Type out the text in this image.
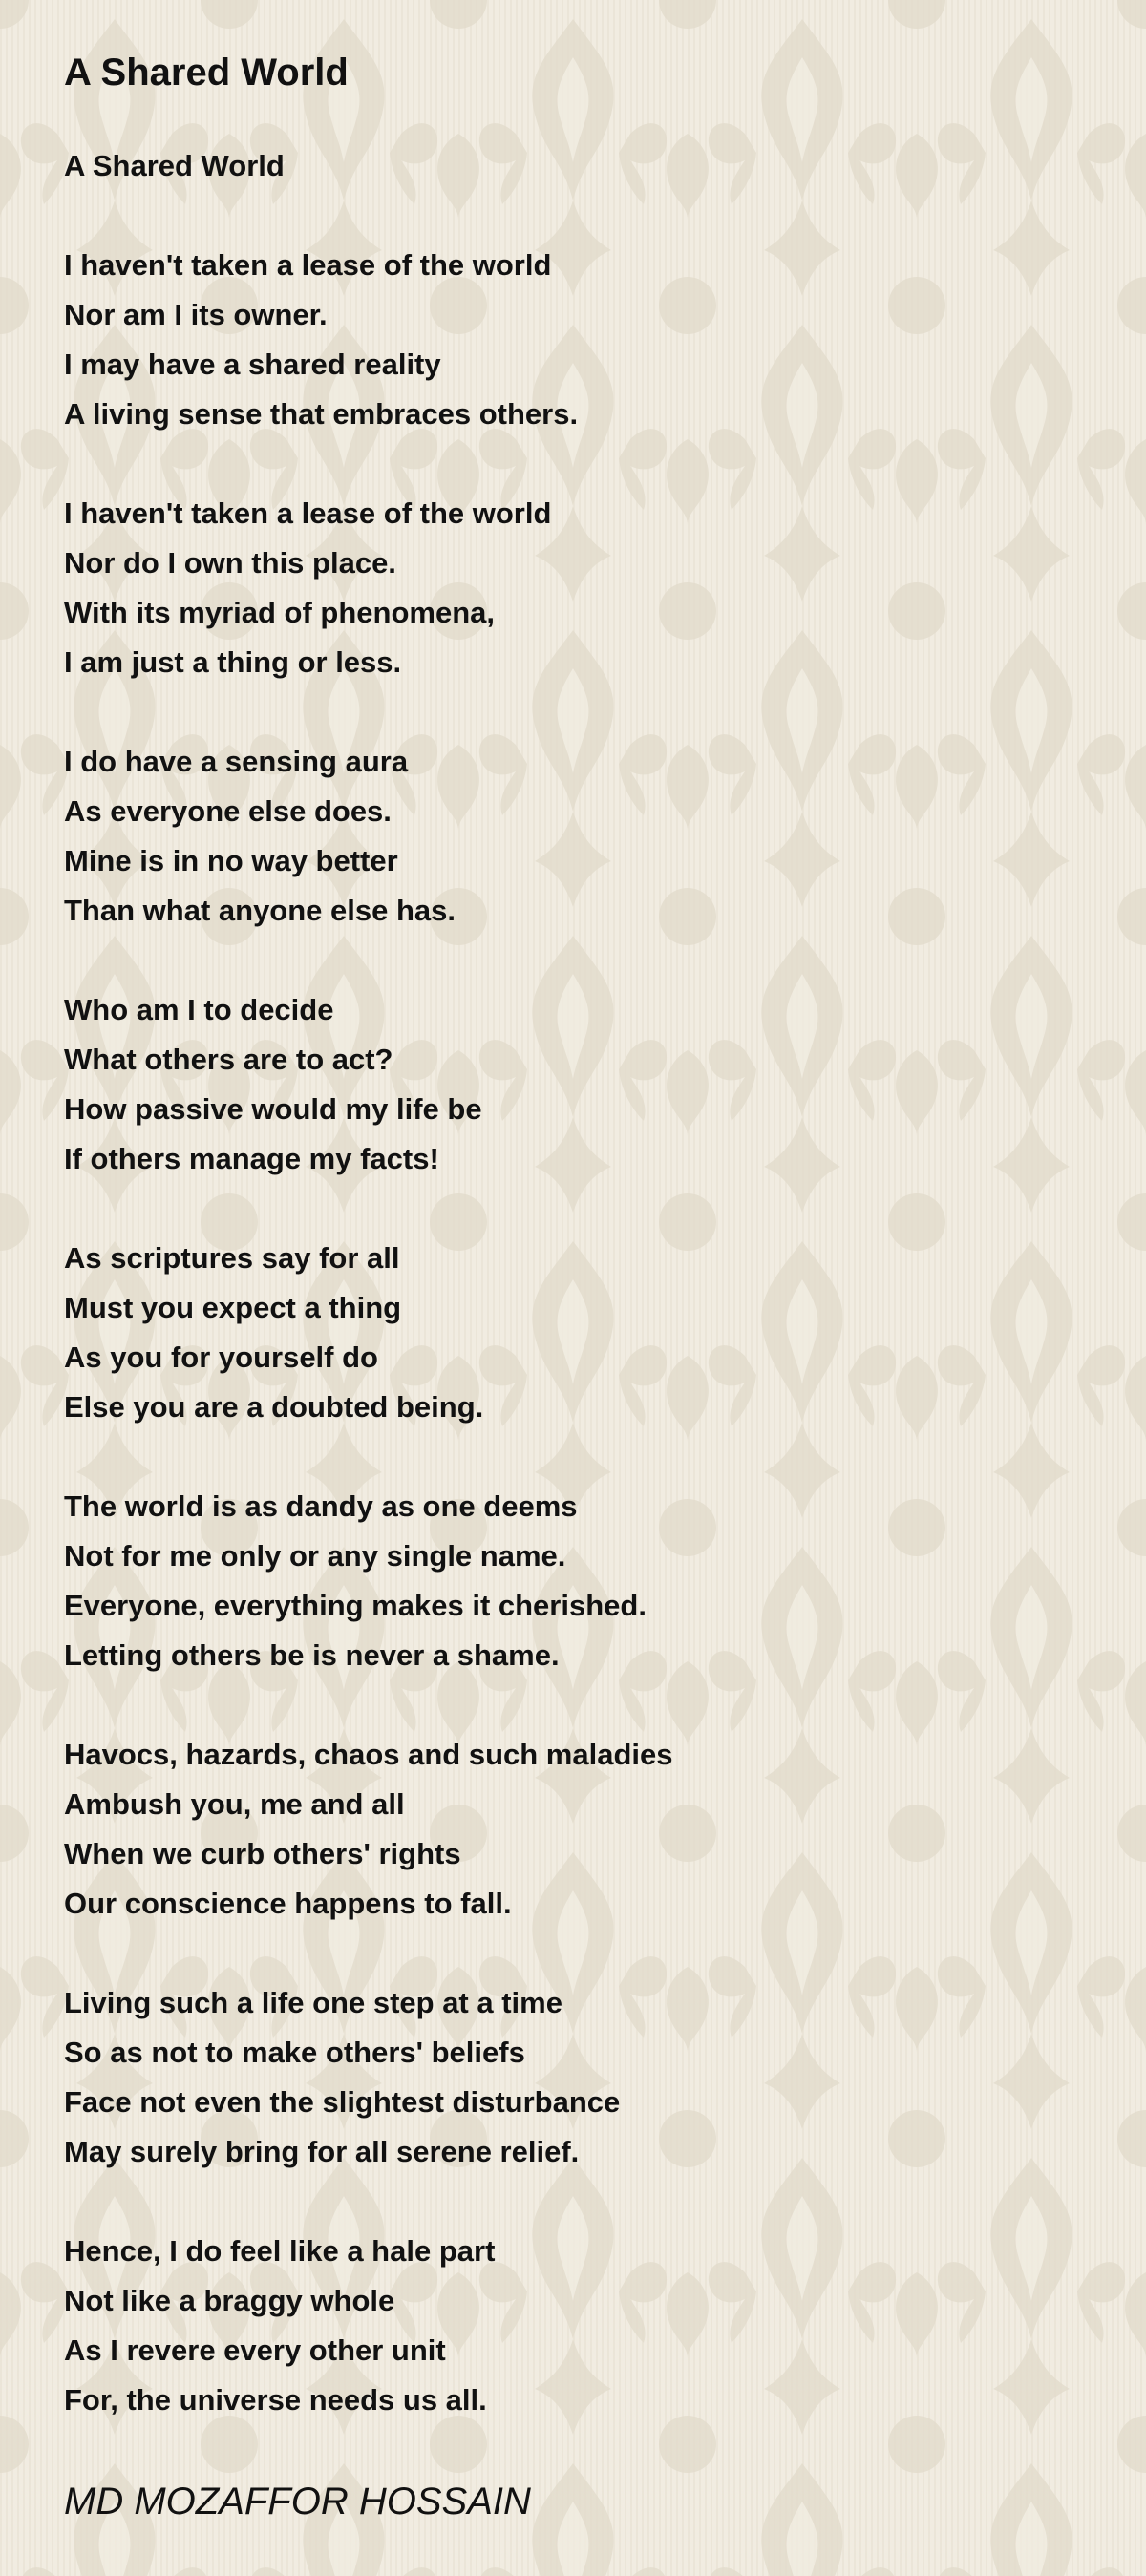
A Shared World
A Shared World
I haven't taken a lease of the world
Nor am I its owner.
I may have a shared reality
A living sense that embraces others.
I haven't taken a lease of the world
Nor do I own this place.
With its myriad of phenomena,
I am just a thing or less.
I do have a sensing aura
As everyone else does.
Mine is in no way better
Than what anyone else has.
Who am I to decide
What others are to act?
How passive would my life be
If others manage my facts!
As scriptures say for all
Must you expect a thing
As you for yourself do
Else you are a doubted being.
The world is as dandy as one deems
Not for me only or any single name.
Everyone, everything makes it cherished.
Letting others be is never a shame.
Havocs, hazards, chaos and such maladies
Ambush you, me and all
When we curb others' rights
Our conscience happens to fall.
Living such a life one step at a time
So as not to make others' beliefs
Face not even the slightest disturbance
May surely bring for all serene relief.
Hence, I do feel like a hale part
Not like a braggy whole
As I revere every other unit
For, the universe needs us all.

MD MOZAFFOR HOSSAIN
